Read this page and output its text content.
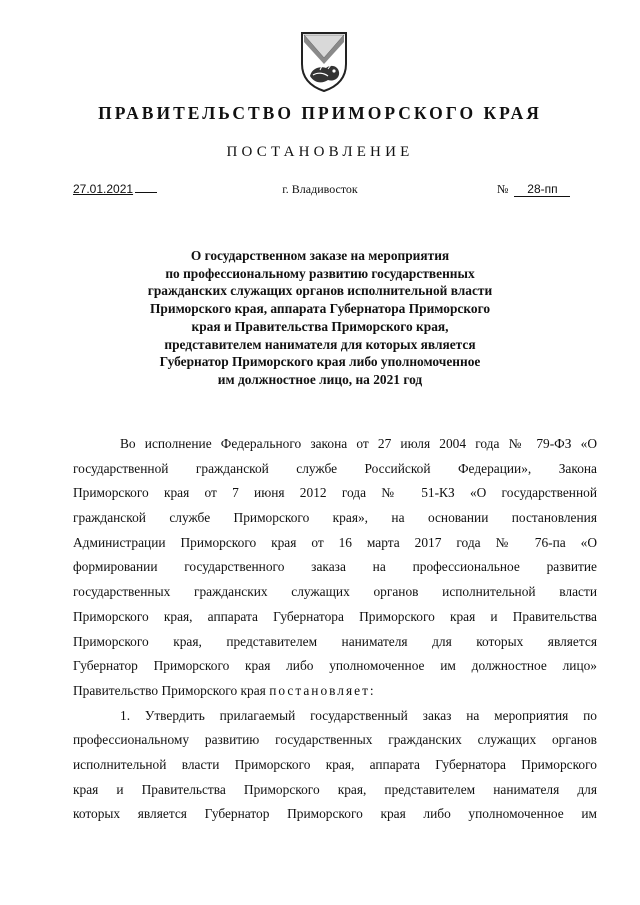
ПРАВИТЕЛЬСТВО ПРИМОРСКОГО КРАЯ
ПОСТАНОВЛЕНИЕ
27.01.2021	г. Владивосток	№ 28-пп
О государственном заказе на мероприятия
по профессиональному развитию государственных
гражданских служащих органов исполнительной власти
Приморского края, аппарата Губернатора Приморского
края и Правительства Приморского края,
представителем нанимателя для которых является
Губернатор Приморского края либо уполномоченное
им должностное лицо, на 2021 год
Во исполнение Федерального закона от 27 июля 2004 года № 79-ФЗ «О
государственной гражданской службе Российской Федерации», Закона
Приморского края от 7 июня 2012 года № 51-КЗ «О государственной
гражданской службе Приморского края», на основании постановления
Администрации Приморского края от 16 марта 2017 года № 76-па «О
формировании государственного заказа на профессиональное развитие
государственных гражданских служащих органов исполнительной власти
Приморского края, аппарата Губернатора Приморского края и Правительства
Приморского края, представителем нанимателя для которых является
Губернатор Приморского края либо уполномоченное им должностное лицо»
Правительство Приморского края постановляет:
1. Утвердить прилагаемый государственный заказ на мероприятия по
профессиональному развитию государственных гражданских служащих органов
исполнительной власти Приморского края, аппарата Губернатора Приморского
края и Правительства Приморского края, представителем нанимателя для
которых является Губернатор Приморского края либо уполномоченное им
